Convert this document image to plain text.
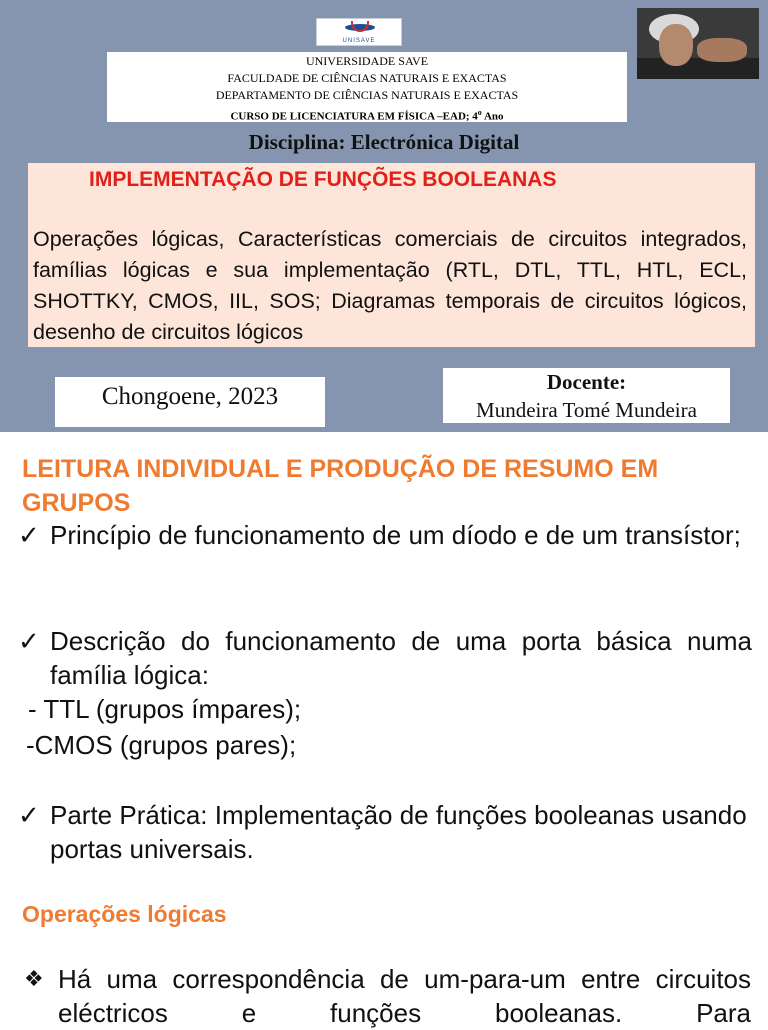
UNISAVE
UNIVERSIDADE SAVE
FACULDADE DE CIÊNCIAS NATURAIS E EXACTAS
DEPARTAMENTO DE CIÊNCIAS NATURAIS E EXACTAS
CURSO DE LICENCIATURA EM FÍSICA –EAD; 4$^o$ Ano
Disciplina: Electrónica Digital
IMPLEMENTAÇÃO DE FUNÇÕES BOOLEANAS
Operações lógicas, Características comerciais de circuitos integrados, famílias lógicas e sua implementação (RTL, DTL, TTL, HTL, ECL, SHOTTKY, CMOS, IIL, SOS; Diagramas temporais de circuitos lógicos, desenho de circuitos lógicos
Chongoene, 2023
Docente:
Mundeira Tomé Mundeira
LEITURA INDIVIDUAL E PRODUÇÃO DE RESUMO EM GRUPOS
✓ Princípio de funcionamento de um díodo e de um transístor;
✓ Descrição do funcionamento de uma porta básica numa família lógica:
- TTL (grupos ímpares);
-CMOS (grupos pares);
✓ Parte Prática: Implementação de funções booleanas usando portas universais.
Operações lógicas
❖ Há uma correspondência de um-para-um entre circuitos eléctricos e funções booleanas. Para
